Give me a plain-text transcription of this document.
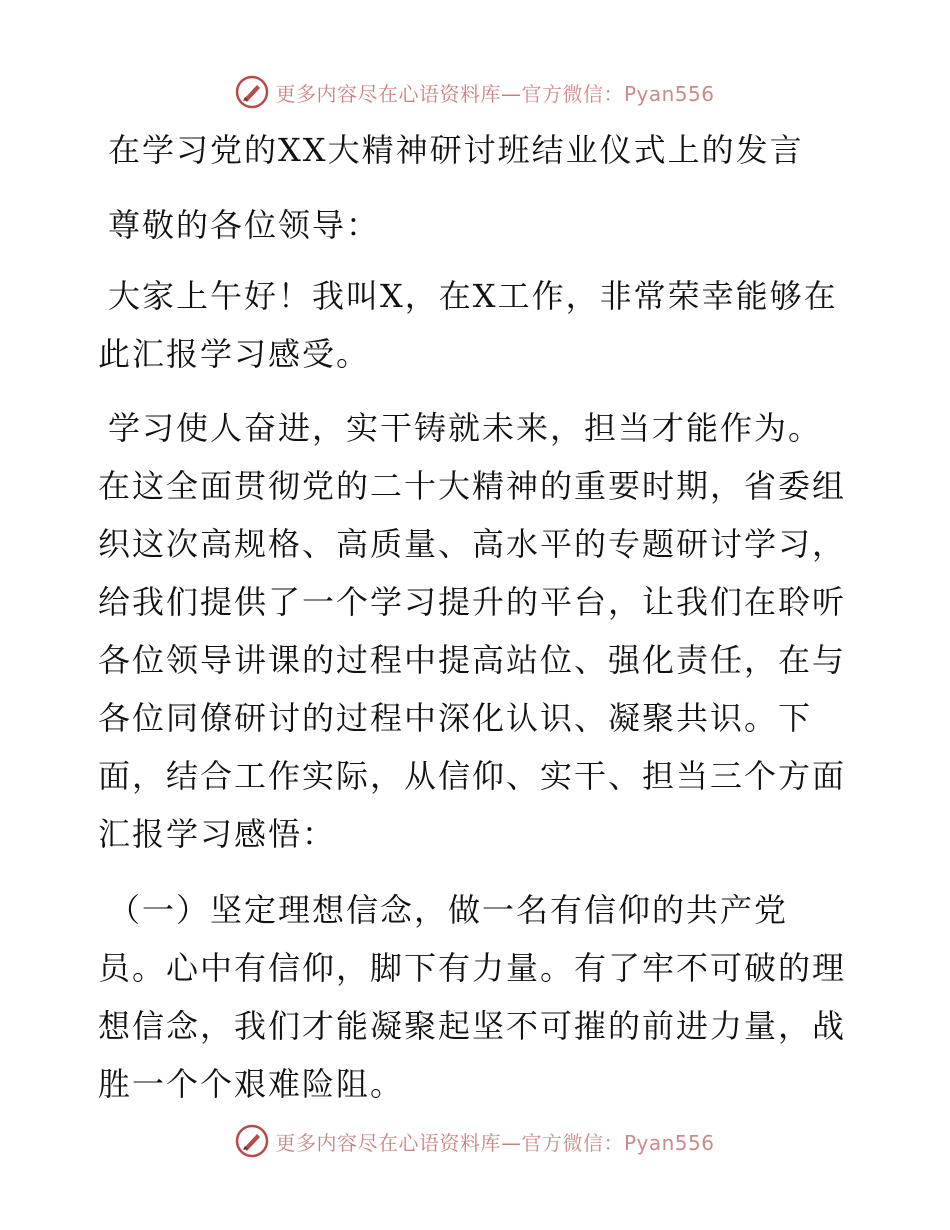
更多内容尽在心语资料库—官方微信：Pyan556
在学习党的XX大精神研讨班结业仪式上的发言
尊敬的各位领导：
大家上午好！我叫X，在X工作，非常荣幸能够在
此汇报学习感受。
学习使人奋进，实干铸就未来，担当才能作为。
在这全面贯彻党的二十大精神的重要时期，省委组
织这次高规格、高质量、高水平的专题研讨学习，
给我们提供了一个学习提升的平台，让我们在聆听
各位领导讲课的过程中提高站位、强化责任，在与
各位同僚研讨的过程中深化认识、凝聚共识。下
面，结合工作实际，从信仰、实干、担当三个方面
汇报学习感悟：
（一）坚定理想信念，做一名有信仰的共产党
员。心中有信仰，脚下有力量。有了牢不可破的理
想信念，我们才能凝聚起坚不可摧的前进力量，战
胜一个个艰难险阻。
更多内容尽在心语资料库—官方微信：Pyan556
